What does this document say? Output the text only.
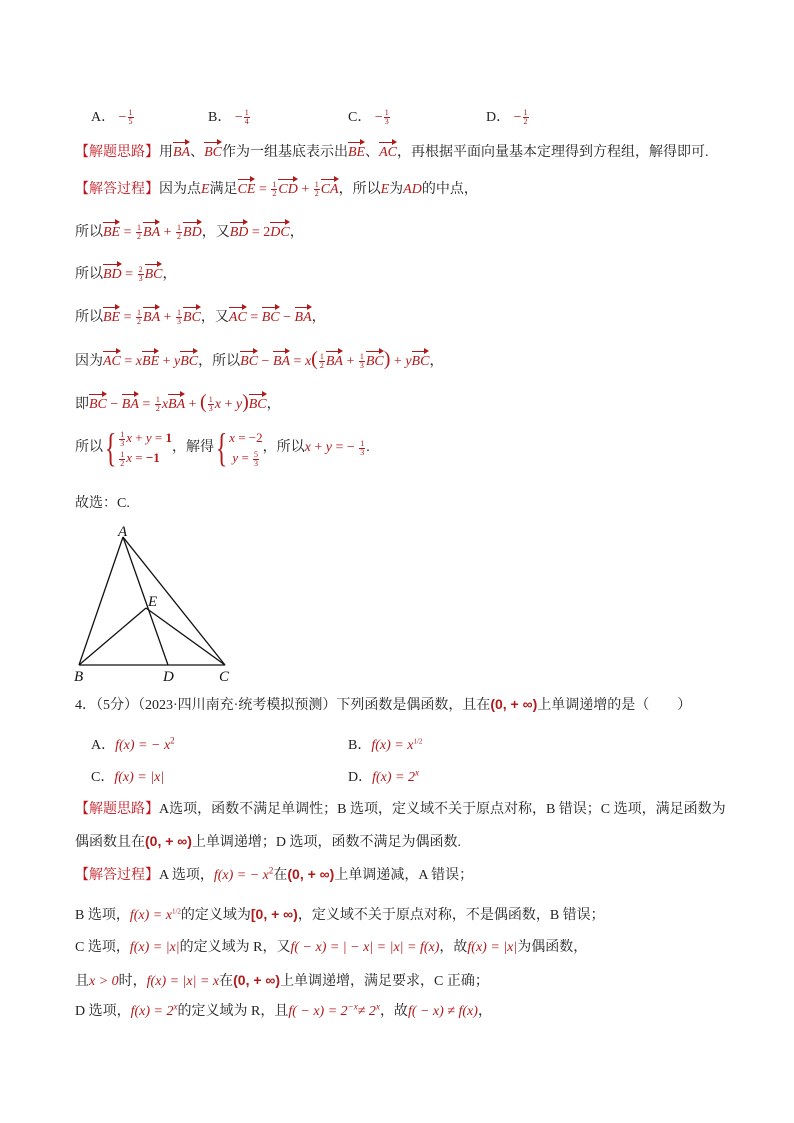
A． − $\frac{1}{5}$	B． − $\frac{1}{4}$	C． − $\frac{1}{3}$	D． − $\frac{1}{2}$
【解题思路】用BA、BC作为一组基底表示出BE、AC，再根据平面向量基本定理得到方程组，解得即可.
【解答过程】因为点E满足CE = $\frac{1}{2}$ CD + $\frac{1}{2}$ CA，所以E为AD的中点，
所以BE = $\frac{1}{2}$ BA + $\frac{1}{2}$ BD，又BD = 2DC，
所以BD = $\frac{2}{3}$ BC，
所以BE = $\frac{1}{2}$ BA + $\frac{1}{3}$ BC，又AC = BC − BA，
因为AC = xBE + yBC，所以BC − BA = $x( \frac{1}{2}$ BA + $\frac{1}{3} BC$) + yBC，
即BC − BA = $\frac{1}{2}$ xBA + ( $\frac{1}{3}$ x + y)BC，
所以{ $\frac{1}{3}$ x + y = 1
$\frac{1}{2}$ x = −1
，解得{ x = −2
$y = \frac{5}{3}$
，所以x + y = − $\frac{1}{3}$ .
故选：C.
A
B	C
D
E
4．（5分）（2023·四川南充·统考模拟预测）下列函数是偶函数，且在(0, + ∞)上单调递增的是（　　）
A．f(x) = − $x^2$	B．$f(x) = x^{1/2}$
C．f(x) = |x|	D．$f(x) = 2^x$
【解题思路】A选项，函数不满足单调性；B 选项，定义域不关于原点对称，B 错误；C 选项，满足函数为
偶函数且在(0, + ∞)上单调递增；D 选项，函数不满足为偶函数.
【解答过程】A 选项，f(x) = − $x^2$在(0, + ∞)上单调递减，A 错误；
B 选项，$f(x) = x^{1/2}$的定义域为[0, + ∞)，定义域不关于原点对称，不是偶函数，B 错误；
C 选项，f(x) = |x|的定义域为 R，又f( − x) = | − x| = |x| = f(x)，故f(x) = |x|为偶函数，
且x > 0时，f(x) = |x| = x在(0, + ∞)上单调递增，满足要求，C 正确；
D 选项，$f(x) = 2^x$的定义域为 R，且$f( - x) = 2^{-x}\ne 2^x$，故f( − x) ≠ f(x)，
